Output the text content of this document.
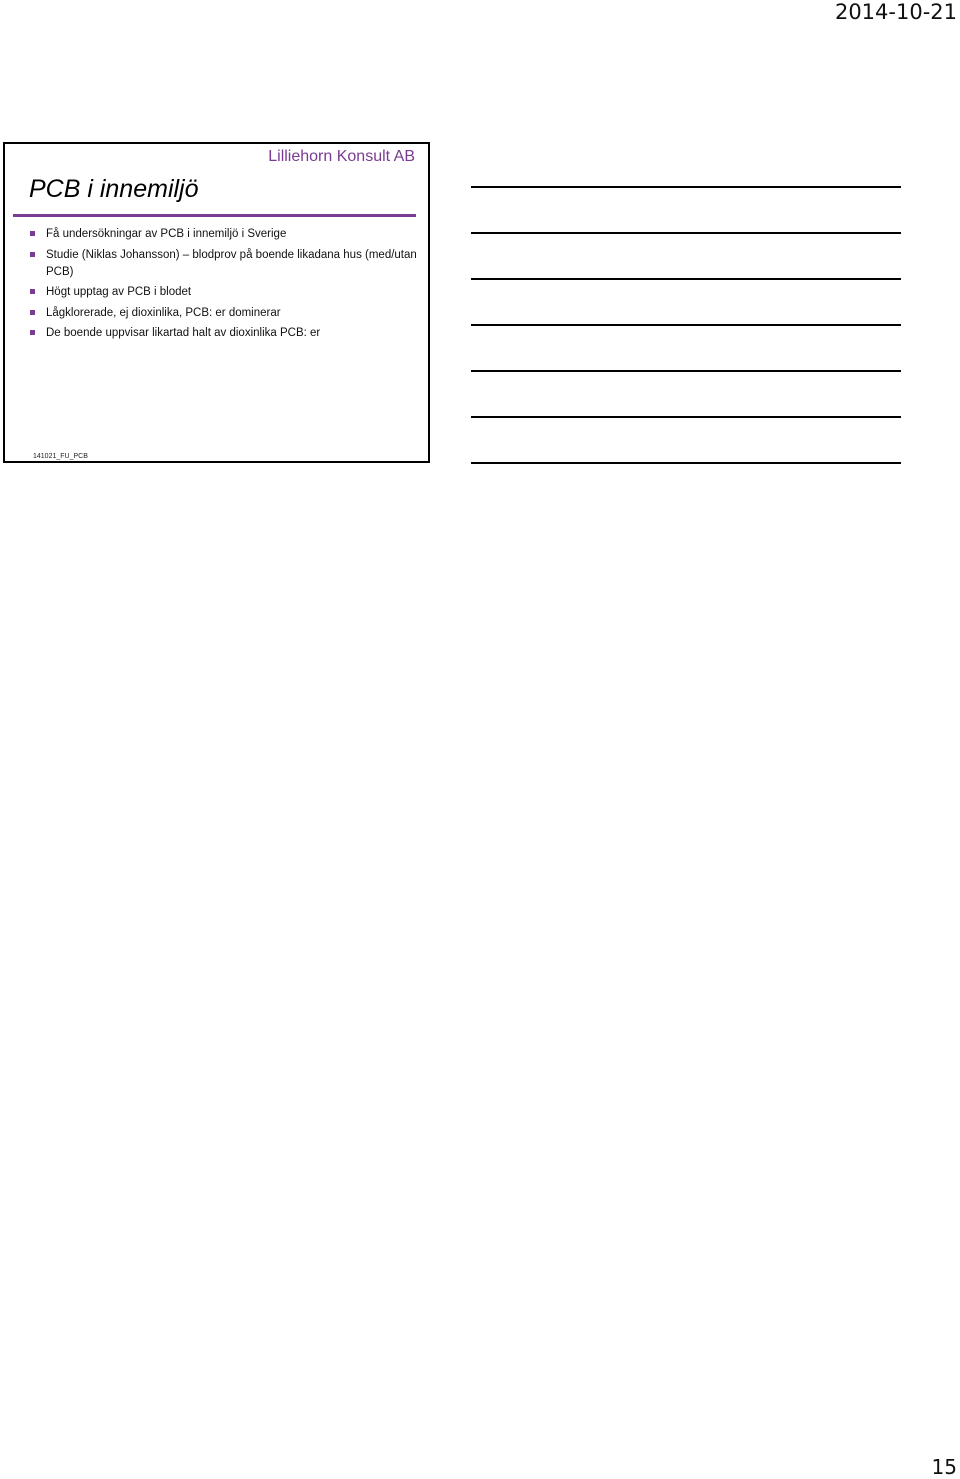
2014-10-21
Lilliehorn Konsult AB
PCB i innemiljö
Få undersökningar av PCB i innemiljö i Sverige
Studie (Niklas Johansson) – blodprov på boende likadana hus (med/utan PCB)
Högt upptag av PCB i blodet
Lågklorerade, ej dioxinlika, PCB: er dominerar
De boende uppvisar likartad halt av dioxinlika PCB: er
141021_FU_PCB
15
